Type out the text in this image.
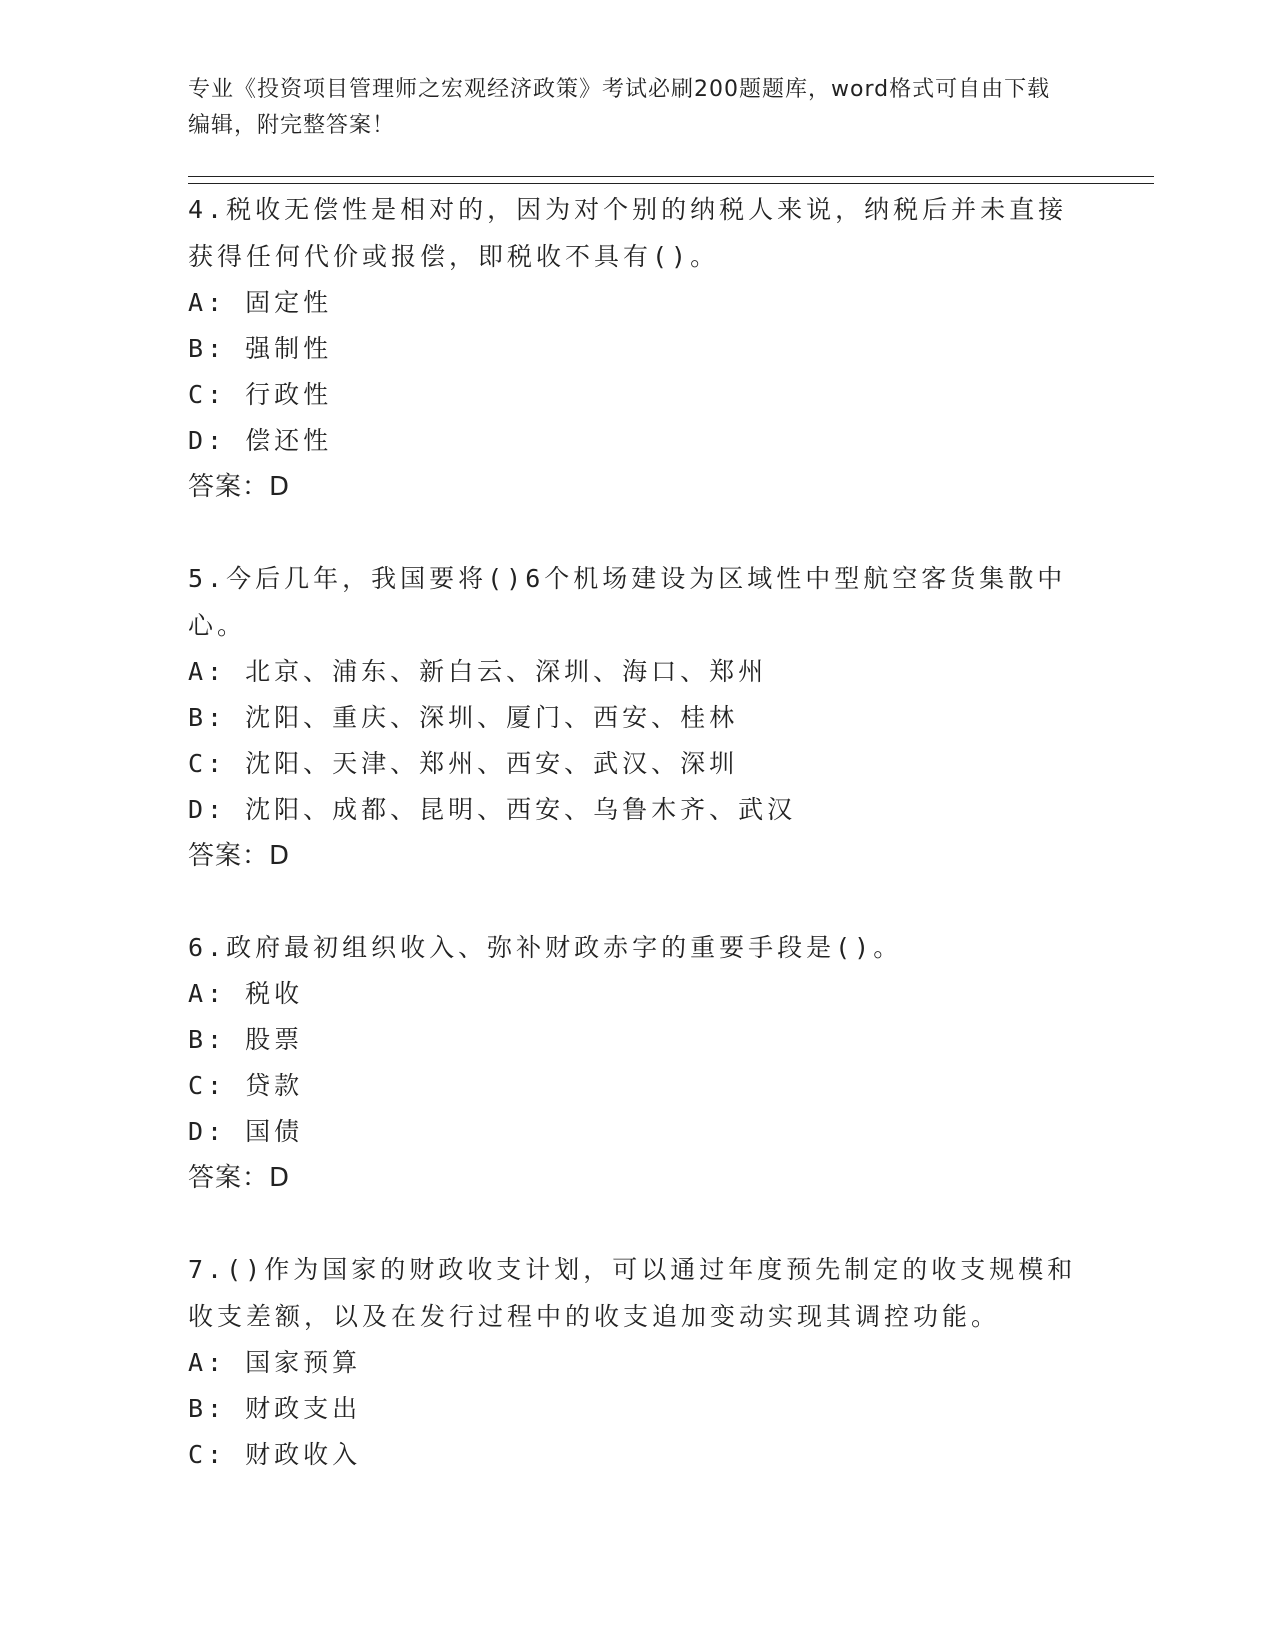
专业《投资项目管理师之宏观经济政策》考试必刷200题题库，word格式可自由下载编辑，附完整答案！

4.税收无偿性是相对的，因为对个别的纳税人来说，纳税后并未直接获得任何代价或报偿，即税收不具有()。

A: 固定性

B: 强制性

C: 行政性

D: 偿还性

答案：D

5.今后几年，我国要将()6个机场建设为区域性中型航空客货集散中心。

A: 北京、浦东、新白云、深圳、海口、郑州

B: 沈阳、重庆、深圳、厦门、西安、桂林

C: 沈阳、天津、郑州、西安、武汉、深圳

D: 沈阳、成都、昆明、西安、乌鲁木齐、武汉

答案：D

6.政府最初组织收入、弥补财政赤字的重要手段是()。

A: 税收

B: 股票

C: 贷款

D: 国债

答案：D

7.()作为国家的财政收支计划，可以通过年度预先制定的收支规模和收支差额，以及在发行过程中的收支追加变动实现其调控功能。

A: 国家预算

B: 财政支出

C: 财政收入
